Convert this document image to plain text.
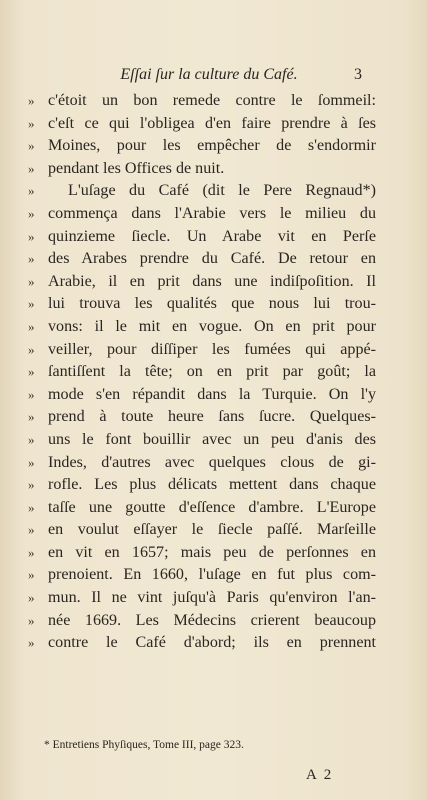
Eſſai ſur la culture du Café.	3
» c'étoit un bon remede contre le ſommeil:
» c'eſt ce qui l'obligea d'en faire prendre à ſes
» Moines, pour les empêcher de s'endormir
» pendant les Offices de nuit.
» L'uſage du Café (dit le Pere Regnaud*)
» commença dans l'Arabie vers le milieu du
» quinzieme ſiecle. Un Arabe vit en Perſe
» des Arabes prendre du Café. De retour en
» Arabie, il en prit dans une indiſpoſition. Il
» lui trouva les qualités que nous lui trou-
» vons: il le mit en vogue. On en prit pour
» veiller, pour diſſiper les fumées qui appé-
» ſantiſſent la tête; on en prit par goût; la
» mode s'en répandit dans la Turquie. On l'y
» prend à toute heure ſans ſucre. Quelques-
» uns le font bouillir avec un peu d'anis des
» Indes, d'autres avec quelques clous de gi-
» rofle. Les plus délicats mettent dans chaque
» taſſe une goutte d'eſſence d'ambre. L'Europe
» en voulut eſſayer le ſiecle paſſé. Marſeille
» en vit en 1657; mais peu de perſonnes en
» prenoient. En 1660, l'uſage en fut plus com-
» mun. Il ne vint juſqu'à Paris qu'environ l'an-
» née 1669. Les Médecins crierent beaucoup
» contre le Café d'abord; ils en prennent
* Entretiens Phyſiques, Tome III, page 323.
A 2
